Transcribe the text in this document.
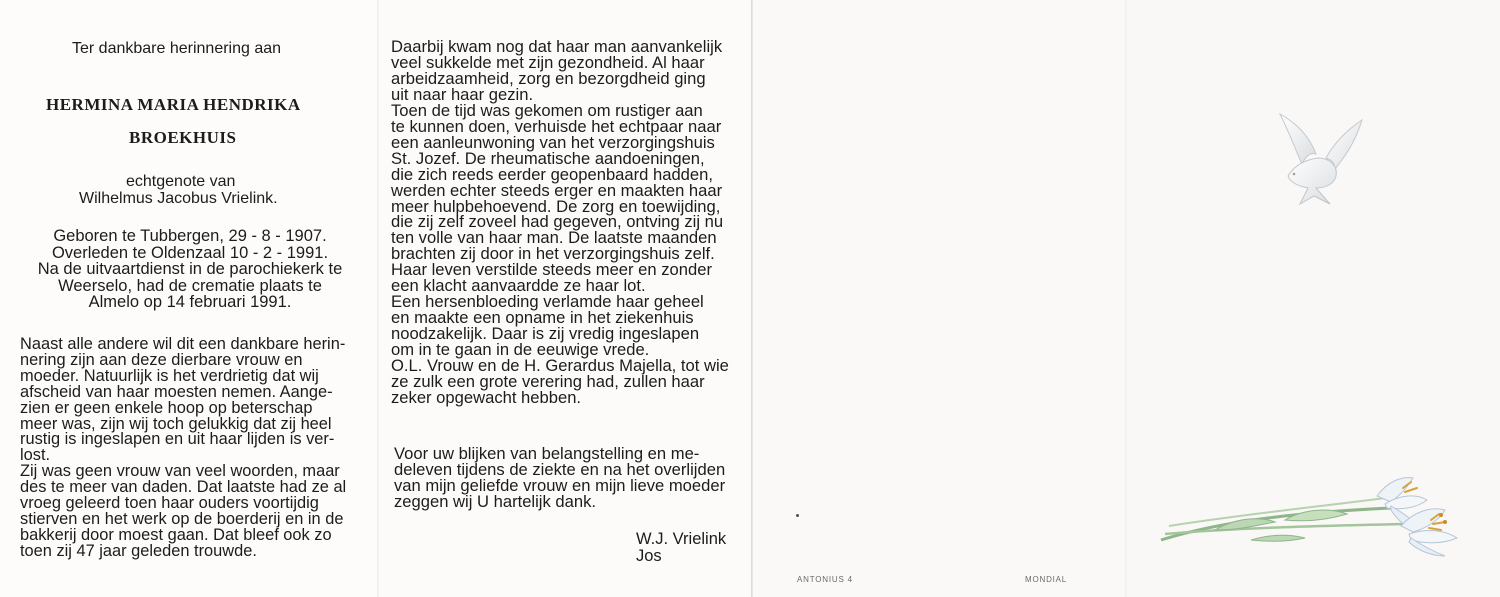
Ter dankbare herinnering aan

HERMINA MARIA HENDRIKA

BROEKHUIS

echtgenote van

Wilhelmus Jacobus Vrielink.

Geboren te Tubbergen, 29 - 8 - 1907.
Overleden te Oldenzaal 10 - 2 - 1991.
Na de uitvaartdienst in de parochiekerk te
Weerselo, had de crematie plaats te
Almelo op 14 februari 1991.
Naast alle andere wil dit een dankbare herin-
nering zijn aan deze dierbare vrouw en
moeder. Natuurlijk is het verdrietig dat wij
afscheid van haar moesten nemen. Aange-
zien er geen enkele hoop op beterschap
meer was, zijn wij toch gelukkig dat zij heel
rustig is ingeslapen en uit haar lijden is ver-
lost.
Zij was geen vrouw van veel woorden, maar
des te meer van daden. Dat laatste had ze al
vroeg geleerd toen haar ouders voortijdig
stierven en het werk op de boerderij en in de
bakkerij door moest gaan. Dat bleef ook zo
toen zij 47 jaar geleden trouwde.
Daarbij kwam nog dat haar man aanvankelijk
veel sukkelde met zijn gezondheid. Al haar
arbeidzaamheid, zorg en bezorgdheid ging
uit naar haar gezin.
Toen de tijd was gekomen om rustiger aan
te kunnen doen, verhuisde het echtpaar naar
een aanleunwoning van het verzorgingshuis
St. Jozef. De rheumatische aandoeningen,
die zich reeds eerder geopenbaard hadden,
werden echter steeds erger en maakten haar
meer hulpbehoevend. De zorg en toewijding,
die zij zelf zoveel had gegeven, ontving zij nu
ten volle van haar man. De laatste maanden
brachten zij door in het verzorgingshuis zelf.
Haar leven verstilde steeds meer en zonder
een klacht aanvaardde ze haar lot.
Een hersenbloeding verlamde haar geheel
en maakte een opname in het ziekenhuis
noodzakelijk. Daar is zij vredig ingeslapen
om in te gaan in de eeuwige vrede.
O.L. Vrouw en de H. Gerardus Majella, tot wie
ze zulk een grote verering had, zullen haar
zeker opgewacht hebben.
Voor uw blijken van belangstelling en me-
deleven tijdens de ziekte en na het overlijden
van mijn geliefde vrouw en mijn lieve moeder
zeggen wij U hartelijk dank.

W.J. Vrielink

Jos

ANTONIUS 4	MONDIAL
